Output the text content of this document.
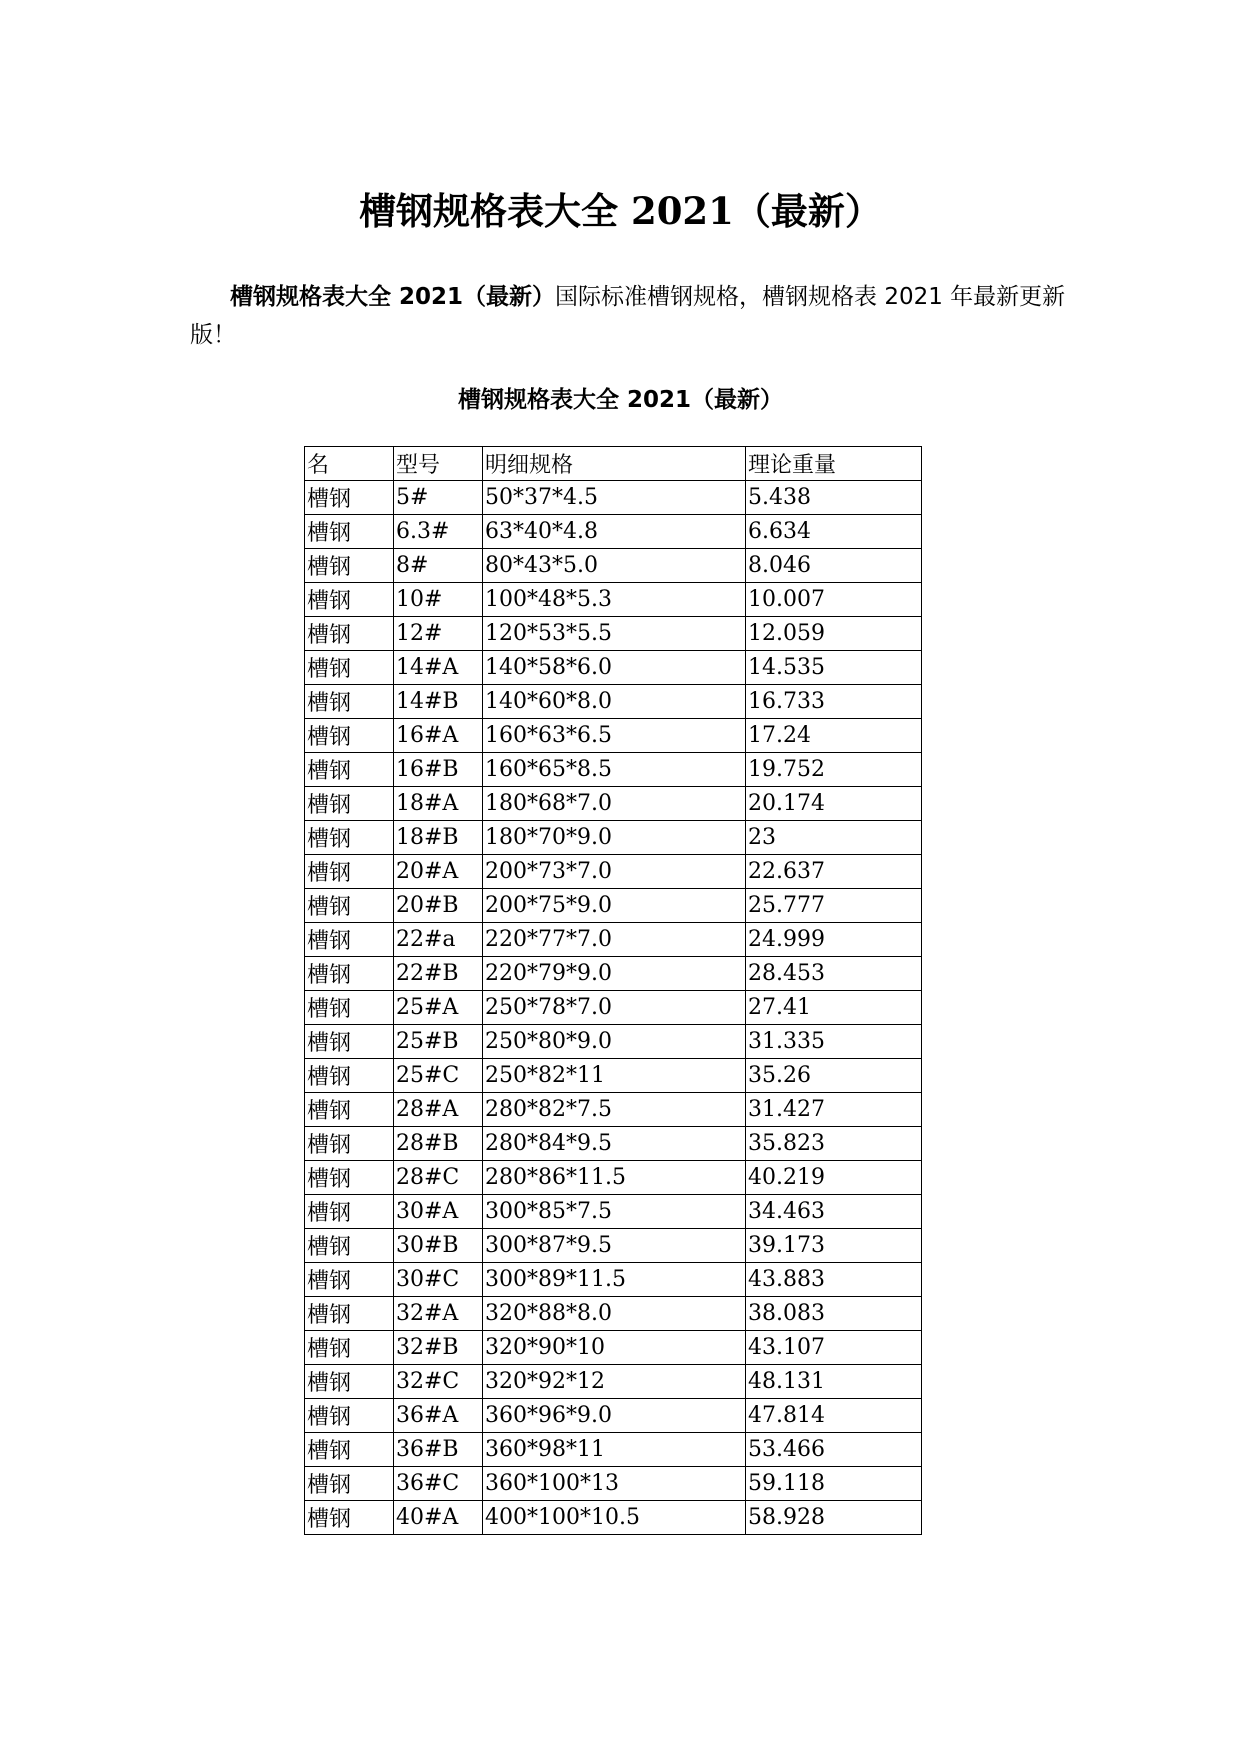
槽钢规格表大全 2021（最新）

槽钢规格表大全 2021（最新）国际标准槽钢规格，槽钢规格表 2021 年最新更新版！

槽钢规格表大全 2021（最新）
名	型号	明细规格	理论重量
槽钢	5#	50*37*4.5	5.438
槽钢	6.3#	63*40*4.8	6.634
槽钢	8#	80*43*5.0	8.046
槽钢	10#	100*48*5.3	10.007
槽钢	12#	120*53*5.5	12.059
槽钢	14#A	140*58*6.0	14.535
槽钢	14#B	140*60*8.0	16.733
槽钢	16#A	160*63*6.5	17.24
槽钢	16#B	160*65*8.5	19.752
槽钢	18#A	180*68*7.0	20.174
槽钢	18#B	180*70*9.0	23
槽钢	20#A	200*73*7.0	22.637
槽钢	20#B	200*75*9.0	25.777
槽钢	22#a	220*77*7.0	24.999
槽钢	22#B	220*79*9.0	28.453
槽钢	25#A	250*78*7.0	27.41
槽钢	25#B	250*80*9.0	31.335
槽钢	25#C	250*82*11	35.26
槽钢	28#A	280*82*7.5	31.427
槽钢	28#B	280*84*9.5	35.823
槽钢	28#C	280*86*11.5	40.219
槽钢	30#A	300*85*7.5	34.463
槽钢	30#B	300*87*9.5	39.173
槽钢	30#C	300*89*11.5	43.883
槽钢	32#A	320*88*8.0	38.083
槽钢	32#B	320*90*10	43.107
槽钢	32#C	320*92*12	48.131
槽钢	36#A	360*96*9.0	47.814
槽钢	36#B	360*98*11	53.466
槽钢	36#C	360*100*13	59.118
槽钢	40#A	400*100*10.5	58.928
